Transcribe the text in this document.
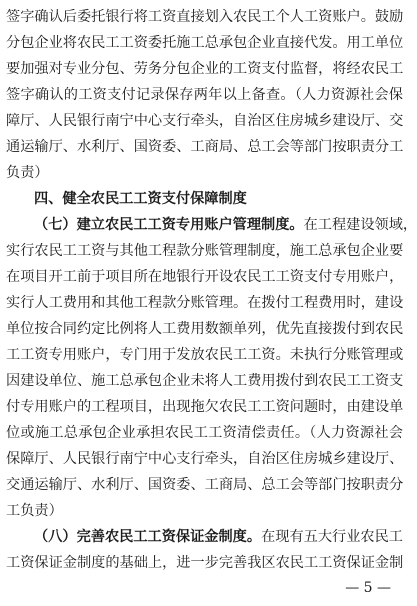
签字确认后委托银行将工资直接划入农民工个人工资账户。鼓励
分包企业将农民工工资委托施工总承包企业直接代发。用工单位
要加强对专业分包、劳务分包企业的工资支付监督，将经农民工
签字确认的工资支付记录保存两年以上备查。（人力资源社会保
障厅、人民银行南宁中心支行牵头，自治区住房城乡建设厅、交
通运输厅、水利厅、国资委、工商局、总工会等部门按职责分工
负责）
四、健全农民工工资支付保障制度
（七）建立农民工工资专用账户管理制度。在工程建设领域，
实行农民工工资与其他工程款分账管理制度，施工总承包企业要
在项目开工前于项目所在地银行开设农民工工资支付专用账户，
实行人工费用和其他工程款分账管理。在拨付工程费用时，建设
单位按合同约定比例将人工费用数额单列，优先直接拨付到农民
工工资专用账户，专门用于发放农民工工资。未执行分账管理或
因建设单位、施工总承包企业未将人工费用拨付到农民工工资支
付专用账户的工程项目，出现拖欠农民工工资问题时，由建设单
位或施工总承包企业承担农民工工资清偿责任。（人力资源社会
保障厅、人民银行南宁中心支行牵头，自治区住房城乡建设厅、
交通运输厅、水利厅、国资委、工商局、总工会等部门按职责分
工负责）
（八）完善农民工工资保证金制度。在现有五大行业农民工
工资保证金制度的基础上，进一步完善我区农民工工资保证金制
— 5 —
